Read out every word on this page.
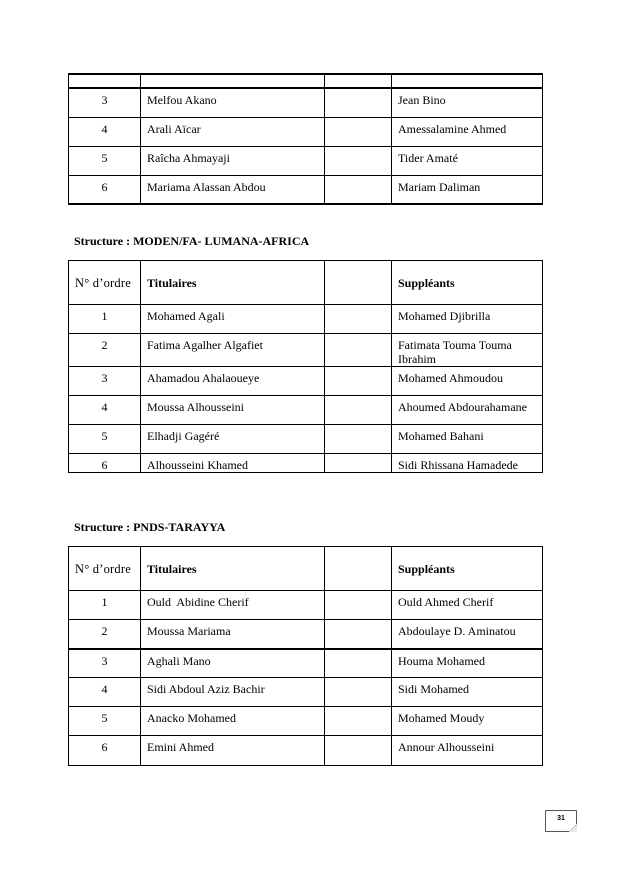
3	Melfou Akano		Jean Bino
4	Arali Aïcar		Amessalamine Ahmed
5	Raîcha Ahmayaji		Tider Amaté
6	Mariama Alassan Abdou		Mariam Daliman
Structure : MODEN/FA- LUMANA-AFRICA
N° d’ordre	Titulaires		Suppléants
1	Mohamed Agali		Mohamed Djibrilla
2	Fatima Agalher Algafiet		Fatimata Touma Touma Ibrahim
3	Ahamadou Ahalaoueye		Mohamed Ahmoudou
4	Moussa Alhousseini		Ahoumed Abdourahamane
5	Elhadji Gagéré		Mohamed Bahani
6	Alhousseini Khamed		Sidi Rhissana Hamadede
Structure : PNDS-TARAYYA
N° d’ordre	Titulaires		Suppléants
1	Ould  Abidine Cherif		Ould Ahmed Cherif
2	Moussa Mariama		Abdoulaye D. Aminatou
3	Aghali Mano		Houma Mohamed
4	Sidi Abdoul Aziz Bachir		Sidi Mohamed
5	Anacko Mohamed		Mohamed Moudy
6	Emini Ahmed		Annour Alhousseini
31
